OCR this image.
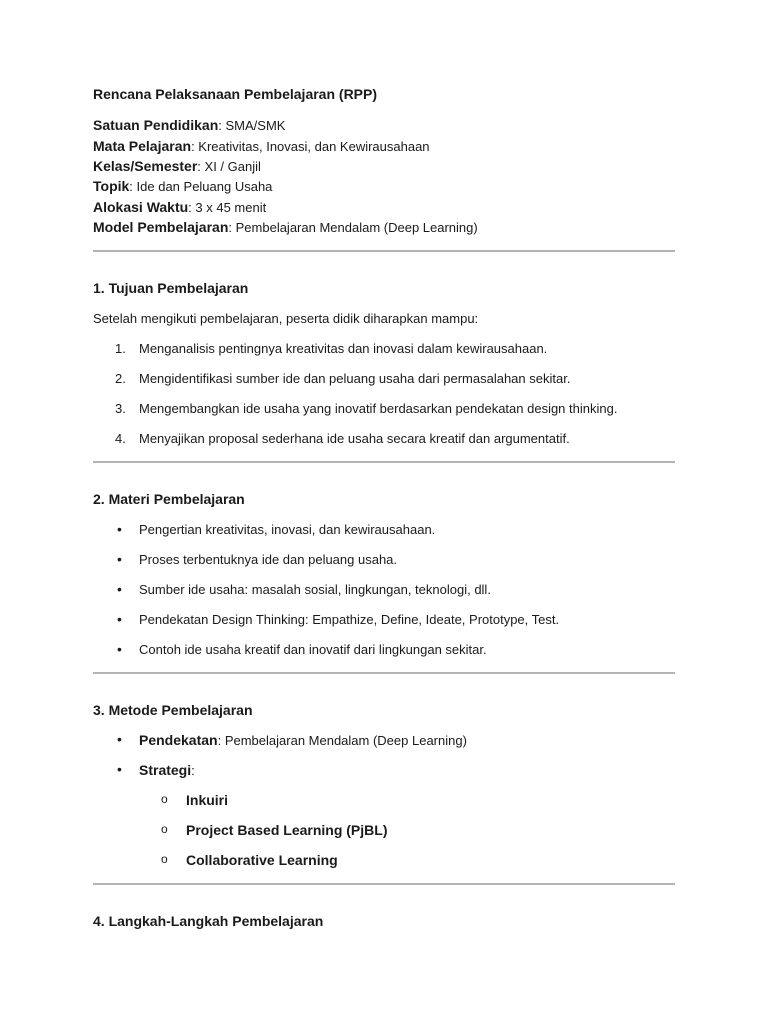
Rencana Pelaksanaan Pembelajaran (RPP)
Satuan Pendidikan: SMA/SMK
Mata Pelajaran: Kreativitas, Inovasi, dan Kewirausahaan
Kelas/Semester: XI / Ganjil
Topik: Ide dan Peluang Usaha
Alokasi Waktu: 3 x 45 menit
Model Pembelajaran: Pembelajaran Mendalam (Deep Learning)
1. Tujuan Pembelajaran
Setelah mengikuti pembelajaran, peserta didik diharapkan mampu:
1.	Menganalisis pentingnya kreativitas dan inovasi dalam kewirausahaan.
2.	Mengidentifikasi sumber ide dan peluang usaha dari permasalahan sekitar.
3.	Mengembangkan ide usaha yang inovatif berdasarkan pendekatan design thinking.
4.	Menyajikan proposal sederhana ide usaha secara kreatif dan argumentatif.
2. Materi Pembelajaran
• Pengertian kreativitas, inovasi, dan kewirausahaan.
• Proses terbentuknya ide dan peluang usaha.
• Sumber ide usaha: masalah sosial, lingkungan, teknologi, dll.
• Pendekatan Design Thinking: Empathize, Define, Ideate, Prototype, Test.
• Contoh ide usaha kreatif dan inovatif dari lingkungan sekitar.
3. Metode Pembelajaran
• Pendekatan: Pembelajaran Mendalam (Deep Learning)
• Strategi:
o Inkuiri
o Project Based Learning (PjBL)
o Collaborative Learning
4. Langkah-Langkah Pembelajaran
